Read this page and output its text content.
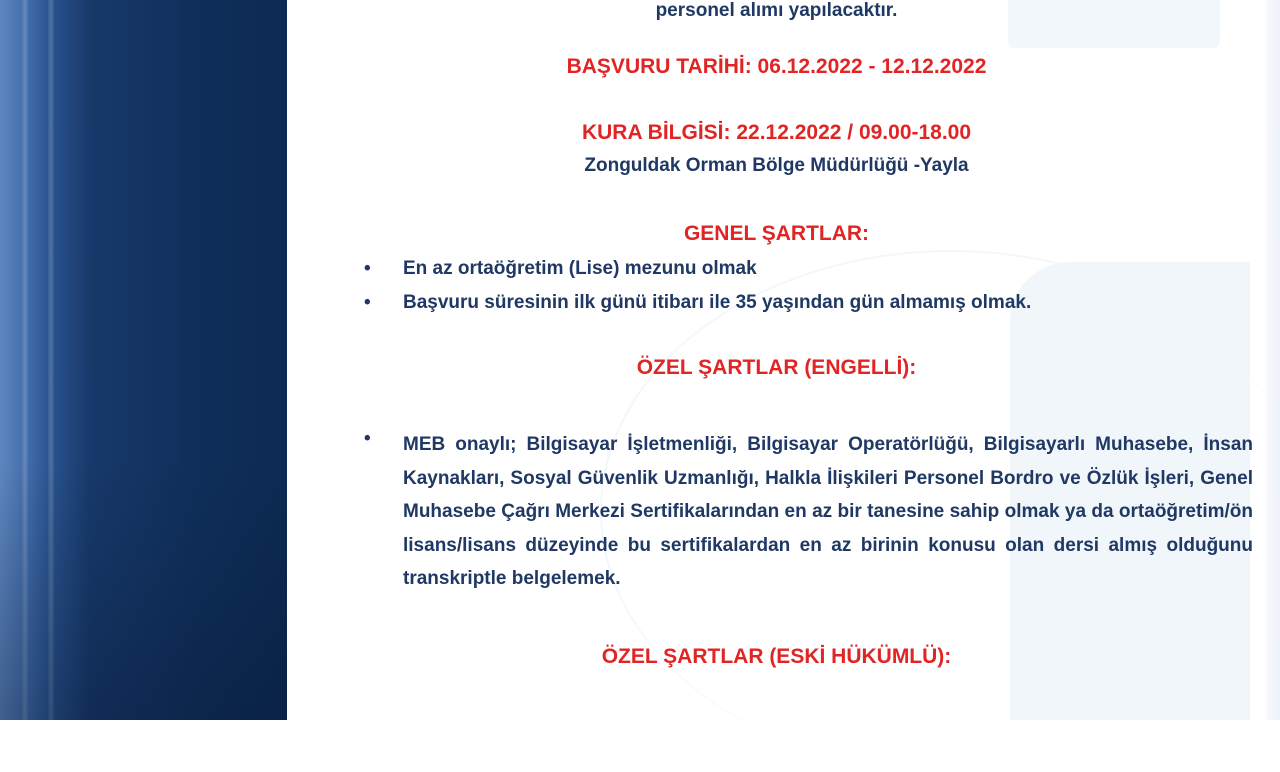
personel alımı yapılacaktır.
BAŞVURU TARİHİ: 06.12.2022 - 12.12.2022
KURA BİLGİSİ: 22.12.2022 / 09.00-18.00
Zonguldak Orman Bölge Müdürlüğü -Yayla
GENEL ŞARTLAR:
• En az ortaöğretim (Lise) mezunu olmak
• Başvuru süresinin ilk günü itibarı ile 35 yaşından gün almamış olmak.
ÖZEL ŞARTLAR (ENGELLİ):
• MEB onaylı; Bilgisayar İşletmenliği, Bilgisayar Operatörlüğü, Bilgisayarlı Muhasebe, İnsan Kaynakları, Sosyal Güvenlik Uzmanlığı, Halkla İlişkileri Personel Bordro ve Özlük İşleri, Genel Muhasebe Çağrı Merkezi Sertifikalarından en az bir tanesine sahip olmak ya da ortaöğretim/ön lisans/lisans düzeyinde bu sertifikalardan en az birinin konusu olan dersi almış olduğunu transkriptle belgelemek.
ÖZEL ŞARTLAR (ESKİ HÜKÜMLÜ):
